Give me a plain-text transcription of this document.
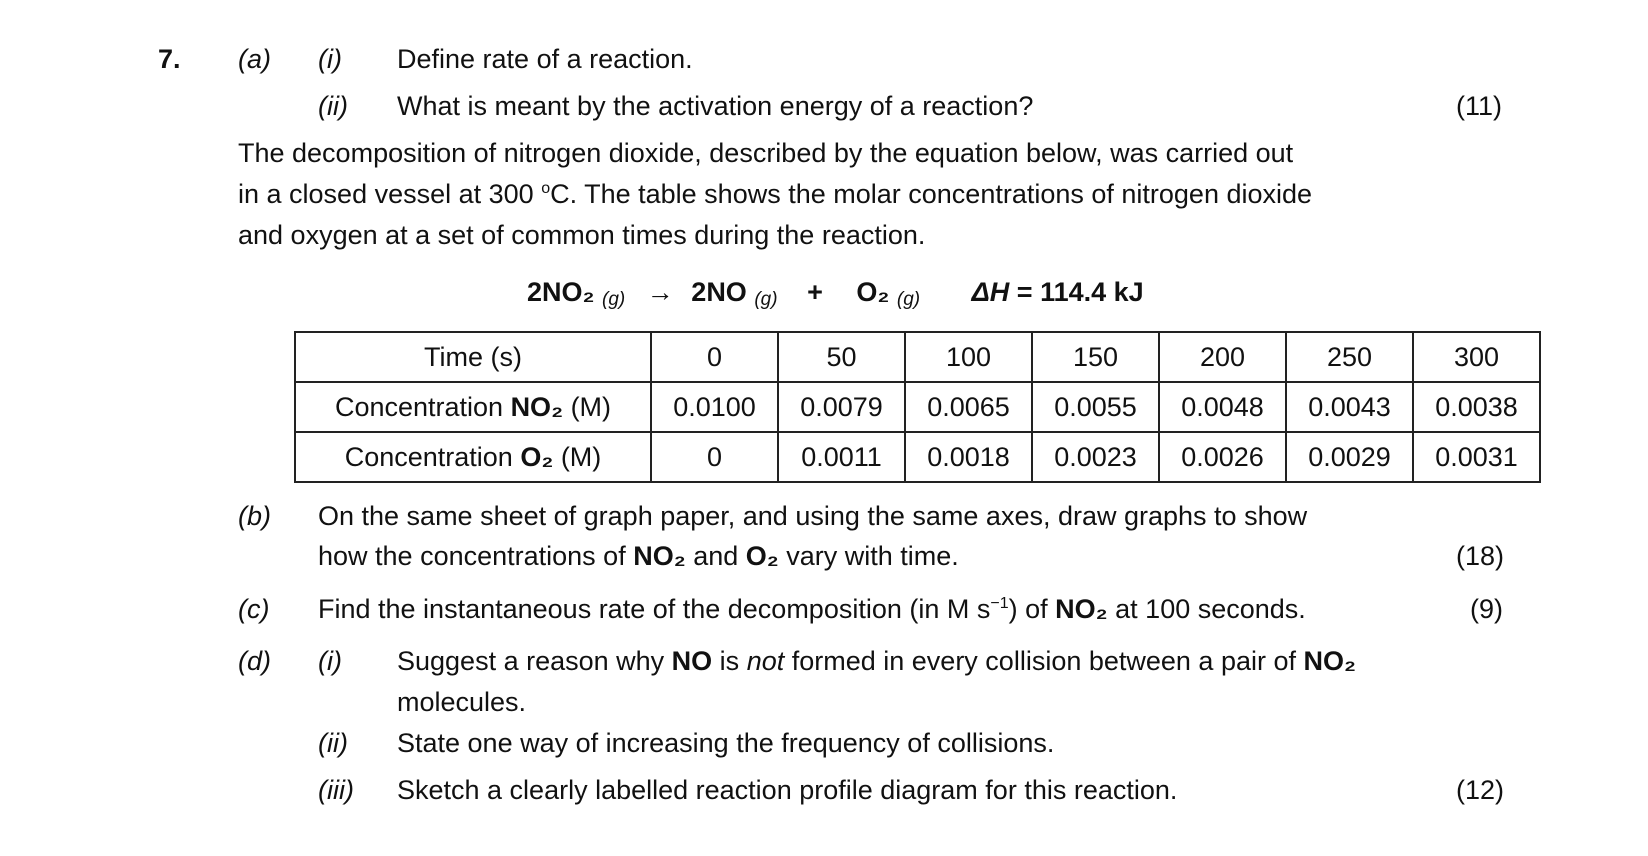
7. (a) (i) Define rate of a reaction.
(ii) What is meant by the activation energy of a reaction?	(11)
The decomposition of nitrogen dioxide, described by the equation below, was carried out
in a closed vessel at 300 $^o$C. The table shows the molar concentrations of nitrogen dioxide
and oxygen at a set of common times during the reaction.
2NO₂ (g) → 2NO (g) + O₂ (g) ΔH = 114.4 kJ
Time (s)	0	50	100	150	200	250	300
Concentration NO₂ (M)	0.0100	0.0079	0.0065	0.0055	0.0048	0.0043	0.0038
Concentration O₂ (M)	0	0.0011	0.0018	0.0023	0.0026	0.0029	0.0031
(b) On the same sheet of graph paper, and using the same axes, draw graphs to show
how the concentrations of NO₂ and O₂ vary with time.	(18)
(c) Find the instantaneous rate of the decomposition (in M $s^{-1}$) of NO₂ at 100 seconds.	(9)
(d) (i) Suggest a reason why NO is not formed in every collision between a pair of NO₂
molecules.
(ii) State one way of increasing the frequency of collisions.
(iii) Sketch a clearly labelled reaction profile diagram for this reaction.	(12)
